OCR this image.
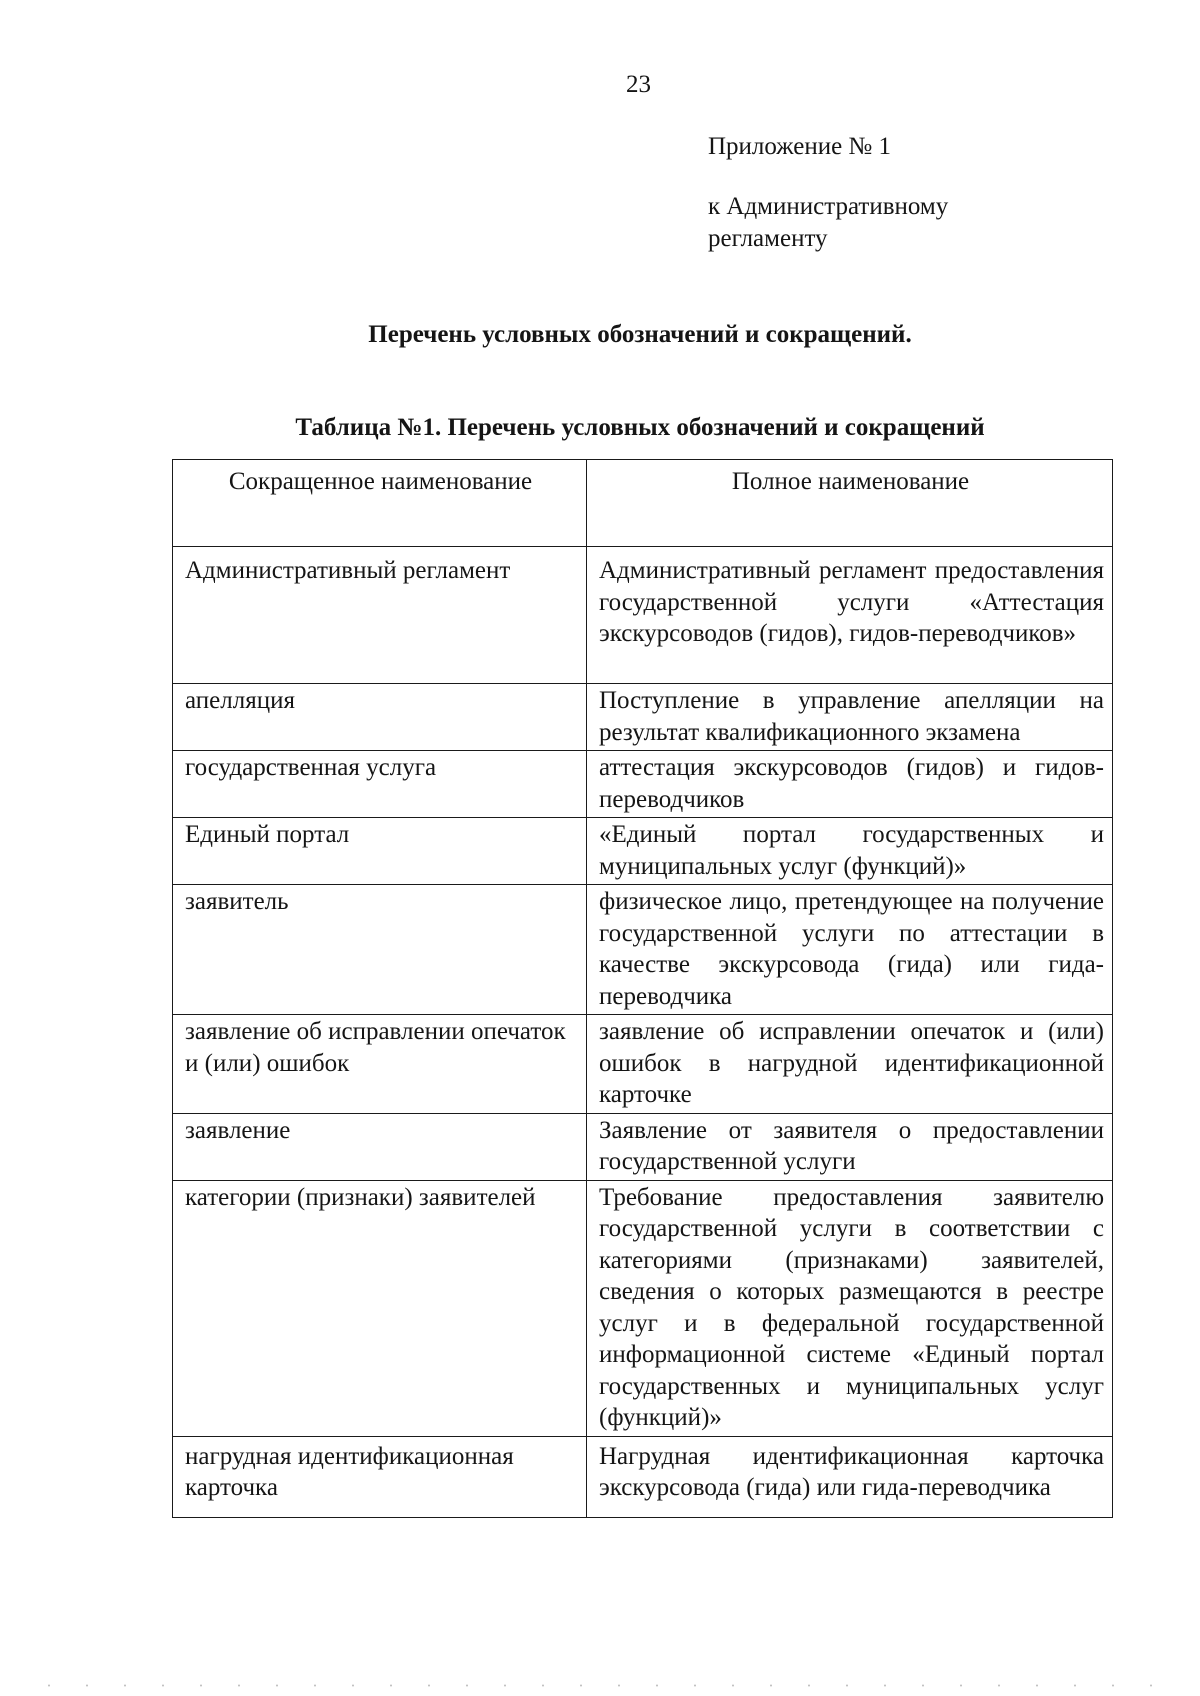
23
Приложение № 1
к Административному регламенту
Перечень условных обозначений и сокращений.
Таблица №1. Перечень условных обозначений и сокращений
Сокращенное наименование	Полное наименование
Административный регламент	Административный регламент предоставления государственной услуги «Аттестация экскурсоводов (гидов), гидов-переводчиков»
апелляция	Поступление в управление апелляции на результат квалификационного экзамена
государственная услуга	аттестация экскурсоводов (гидов) и гидов-переводчиков
Единый портал	«Единый портал государственных и муниципальных услуг (функций)»
заявитель	физическое лицо, претендующее на получение государственной услуги по аттестации в качестве экскурсовода (гида) или гида-переводчика
заявление об исправлении опечаток и (или) ошибок	заявление об исправлении опечаток и (или) ошибок в нагрудной идентификационной карточке
заявление	Заявление от заявителя о предоставлении государственной услуги
категории (признаки) заявителей	Требование предоставления заявителю государственной услуги в соответствии с категориями (признаками) заявителей, сведения о которых размещаются в реестре услуг и в федеральной государственной информационной системе «Единый портал государственных и муниципальных услуг (функций)»
нагрудная идентификационная карточка	Нагрудная идентификационная карточка экскурсовода (гида) или гида-переводчика
